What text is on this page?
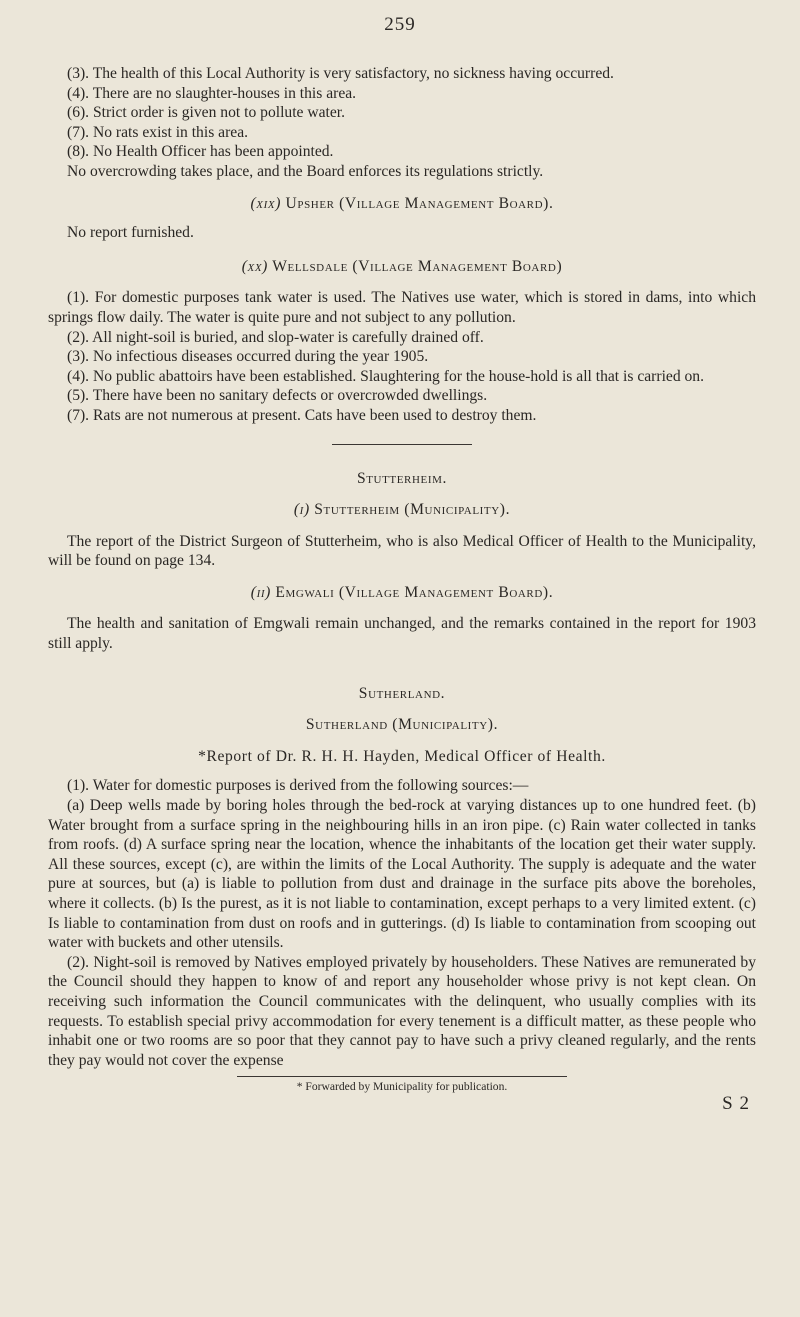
259

(3). The health of this Local Authority is very satisfactory, no sickness having occurred.

(4). There are no slaughter-houses in this area.

(6). Strict order is given not to pollute water.

(7). No rats exist in this area.

(8). No Health Officer has been appointed.

No overcrowding takes place, and the Board enforces its regulations strictly.

(xix) Upsher (Village Management Board).

No report furnished.

(xx) Wellsdale (Village Management Board)

(1). For domestic purposes tank water is used. The Natives use water, which is stored in dams, into which springs flow daily. The water is quite pure and not subject to any pollution.

(2). All night-soil is buried, and slop-water is carefully drained off.

(3). No infectious diseases occurred during the year 1905.

(4). No public abattoirs have been established. Slaughtering for the house-hold is all that is carried on.

(5). There have been no sanitary defects or overcrowded dwellings.

(7). Rats are not numerous at present. Cats have been used to destroy them.

Stutterheim.

(i) Stutterheim (Municipality).

The report of the District Surgeon of Stutterheim, who is also Medical Officer of Health to the Municipality, will be found on page 134.

(ii) Emgwali (Village Management Board).

The health and sanitation of Emgwali remain unchanged, and the remarks contained in the report for 1903 still apply.

Sutherland.

Sutherland (Municipality).

*Report of Dr. R. H. H. Hayden, Medical Officer of Health.

(1). Water for domestic purposes is derived from the following sources:—

(a) Deep wells made by boring holes through the bed-rock at varying distances up to one hundred feet. (b) Water brought from a surface spring in the neighbouring hills in an iron pipe. (c) Rain water collected in tanks from roofs. (d) A surface spring near the location, whence the inhabitants of the location get their water supply. All these sources, except (c), are within the limits of the Local Authority. The supply is adequate and the water pure at sources, but (a) is liable to pollution from dust and drainage in the surface pits above the boreholes, where it collects. (b) Is the purest, as it is not liable to contamination, except perhaps to a very limited extent. (c) Is liable to contamination from dust on roofs and in gutterings. (d) Is liable to contamination from scooping out water with buckets and other utensils.

(2). Night-soil is removed by Natives employed privately by householders. These Natives are remunerated by the Council should they happen to know of and report any householder whose privy is not kept clean. On receiving such information the Council communicates with the delinquent, who usually complies with its requests. To establish special privy accommodation for every tenement is a difficult matter, as these people who inhabit one or two rooms are so poor that they cannot pay to have such a privy cleaned regularly, and the rents they pay would not cover the expense

* Forwarded by Municipality for publication.

S 2
